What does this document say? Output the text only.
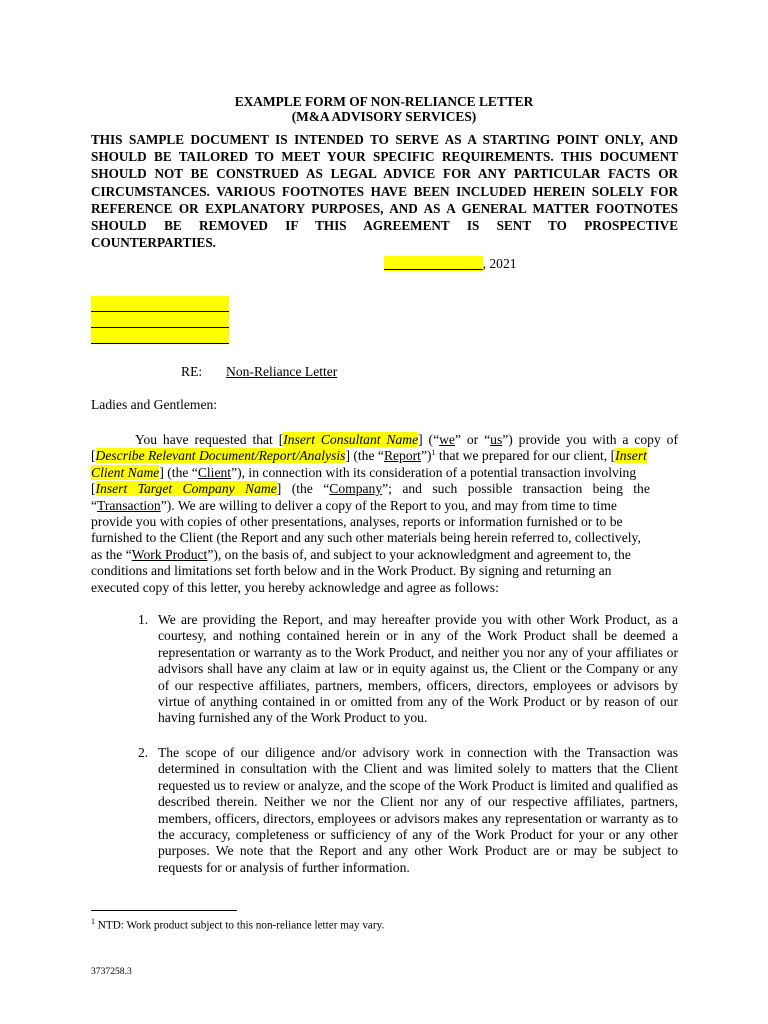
EXAMPLE FORM OF NON-RELIANCE LETTER
(M&A ADVISORY SERVICES)
THIS SAMPLE DOCUMENT IS INTENDED TO SERVE AS A STARTING POINT ONLY, AND SHOULD BE TAILORED TO MEET YOUR SPECIFIC REQUIREMENTS. THIS DOCUMENT SHOULD NOT BE CONSTRUED AS LEGAL ADVICE FOR ANY PARTICULAR FACTS OR CIRCUMSTANCES. VARIOUS FOOTNOTES HAVE BEEN INCLUDED HEREIN SOLELY FOR REFERENCE OR EXPLANATORY PURPOSES, AND AS A GENERAL MATTER FOOTNOTES SHOULD BE REMOVED IF THIS AGREEMENT IS SENT TO PROSPECTIVE COUNTERPARTIES.
____________ __, 2021
RE: Non-Reliance Letter
Ladies and Gentlemen:
You have requested that [Insert Consultant Name] (“we” or “us”) provide you with a copy of
[Describe Relevant Document/Report/Analysis] (the “Report”)$^1$ that we prepared for our client, [Insert
Client Name] (the “Client”), in connection with its consideration of a potential transaction involving
[Insert Target Company Name] (the “Company”; and such possible transaction being the
“Transaction”). We are willing to deliver a copy of the Report to you, and may from time to time
provide you with copies of other presentations, analyses, reports or information furnished or to be
furnished to the Client (the Report and any such other materials being herein referred to, collectively,
as the “Work Product”), on the basis of, and subject to your acknowledgment and agreement to, the
conditions and limitations set forth below and in the Work Product. By signing and returning an
executed copy of this letter, you hereby acknowledge and agree as follows:
1. We are providing the Report, and may hereafter provide you with other Work Product, as a courtesy, and nothing contained herein or in any of the Work Product shall be deemed a representation or warranty as to the Work Product, and neither you nor any of your affiliates or advisors shall have any claim at law or in equity against us, the Client or the Company or any of our respective affiliates, partners, members, officers, directors, employees or advisors by virtue of anything contained in or omitted from any of the Work Product or by reason of our having furnished any of the Work Product to you.
2. The scope of our diligence and/or advisory work in connection with the Transaction was determined in consultation with the Client and was limited solely to matters that the Client requested us to review or analyze, and the scope of the Work Product is limited and qualified as described therein. Neither we nor the Client nor any of our respective affiliates, partners, members, officers, directors, employees or advisors makes any representation or warranty as to the accuracy, completeness or sufficiency of any of the Work Product for your or any other purposes. We note that the Report and any other Work Product are or may be subject to requests for or analysis of further information.
$^1$ NTD: Work product subject to this non-reliance letter may vary.
3737258.3
